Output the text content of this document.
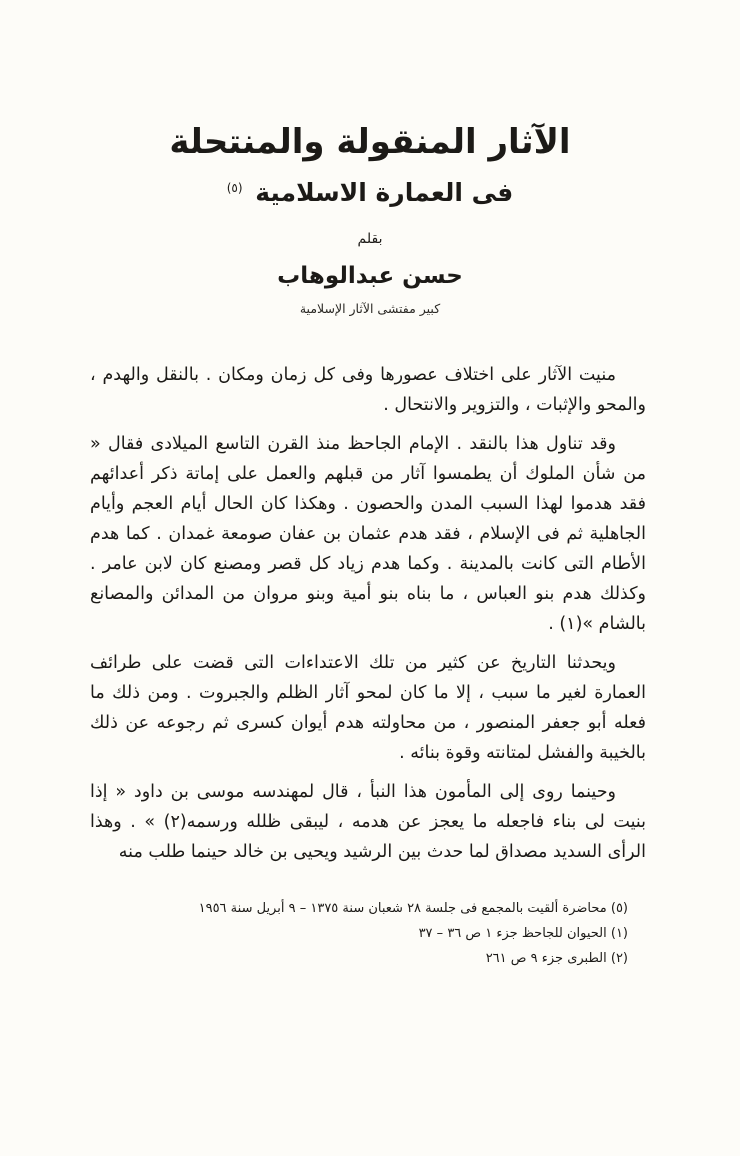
الآثار المنقولة والمنتحلة
فى العمارة الاسلامية $^{(٥)}$
بقلم
حسن عبدالوهاب
كبير مفتشى الآثار الإسلامية

منيت الآثار على اختلاف عصورها وفى كل زمان ومكان . بالنقل والهدم ، والمحو والإثبات ، والتزوير والانتحال .

وقد تناول هذا بالنقد . الإمام الجاحظ منذ القرن التاسع الميلادى فقال « من شأن الملوك أن يطمسوا آثار من قبلهم والعمل على إماتة ذكر أعدائهم فقد هدموا لهذا السبب المدن والحصون . وهكذا كان الحال أيام العجم وأيام الجاهلية ثم فى الإسلام ، فقد هدم عثمان بن عفان صومعة غمدان . كما هدم الأطام التى كانت بالمدينة . وكما هدم زياد كل قصر ومصنع كان لابن عامر . وكذلك هدم بنو العباس ، ما بناه بنو أمية وبنو مروان من المدائن والمصانع بالشام »(١) .

ويحدثنا التاريخ عن كثير من تلك الاعتداءات التى قضت على طرائف العمارة لغير ما سبب ، إلا ما كان لمحو آثار الظلم والجبروت . ومن ذلك ما فعله أبو جعفر المنصور ، من محاولته هدم أيوان كسرى ثم رجوعه عن ذلك بالخيبة والفشل لمتانته وقوة بنائه .

وحينما روى إلى المأمون هذا النبأ ، قال لمهندسه موسى بن داود « إذا بنيت لى بناء فاجعله ما يعجز عن هدمه ، ليبقى ظلله ورسمه(٢) » . وهذا الرأى السديد مصداق لما حدث بين الرشيد ويحيى بن خالد حينما طلب منه

(٥) محاضرة ألقيت بالمجمع فى جلسة ٢٨ شعبان سنة ١٣٧٥ – ٩ أبريل سنة ١٩٥٦

(١) الحيوان للجاحظ جزء ١ ص ٣٦ – ٣٧

(٢) الطبرى جزء ٩ ص ٢٦١
